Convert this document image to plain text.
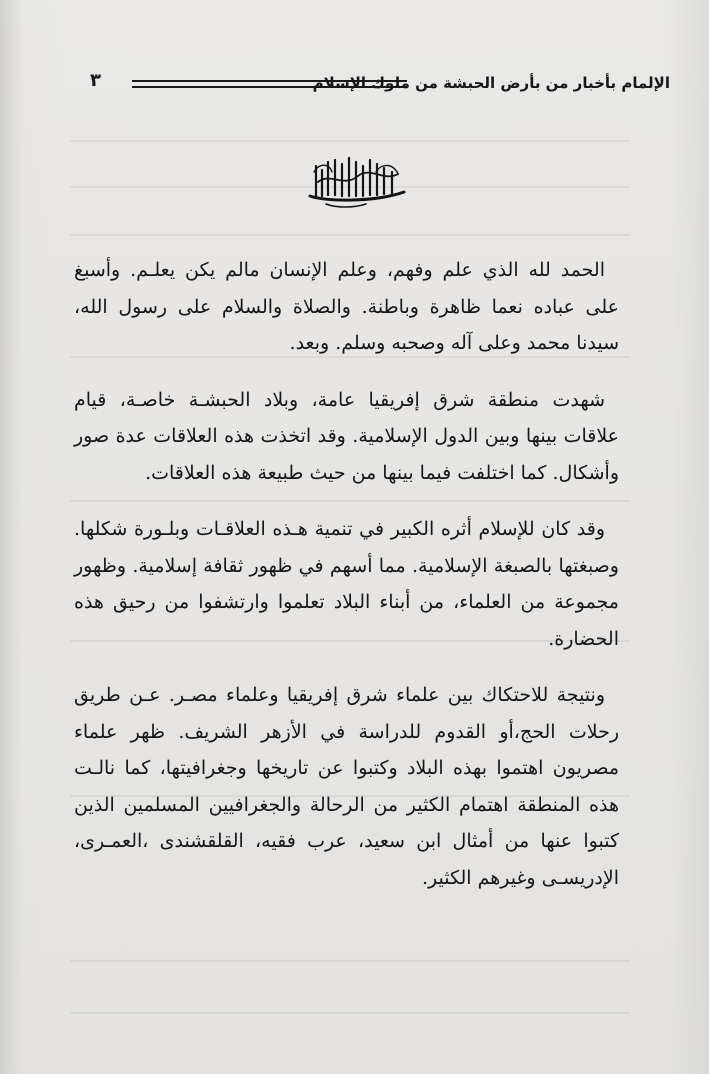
٣	الإلمام بأخبار من بأرض الحبشة من ملوك الإسلام
بسم الله الرحمن الرحيم

الحمد لله الذي علم وفهم، وعلم الإنسان مالم يكن يعلـم. وأسبغ على عباده نعما ظاهرة وباطنة. والصلاة والسلام على رسول الله، سيدنا محمد وعلى آله وصحبه وسلم. وبعد.

شهدت منطقة شرق إفريقيا عامة، وبلاد الحبشـة خاصـة، قيام علاقات بينها وبين الدول الإسلامية. وقد اتخذت هذه العلاقات عدة صور وأشكال. كما اختلفت فيما بينها من حيث طبيعة هذه العلاقات.

وقد كان للإسلام أثره الكبير في تنمية هـذه العلاقـات وبلـورة شكلها. وصبغتها بالصبغة الإسلامية. مما أسهم في ظهور ثقافة إسلامية. وظهور مجموعة من العلماء، من أبناء البلاد تعلموا وارتشفوا من رحيق هذه الحضارة.

ونتيجة للاحتكاك بين علماء شرق إفريقيا وعلماء مصـر. عـن طريق رحلات الحج،أو القدوم للدراسة في الأزهر الشريف. ظهر علماء مصريون اهتموا بهذه البلاد وكتبوا عن تاريخها وجغرافيتها، كما نالـت هذه المنطقة اهتمام الكثير من الرحالة والجغرافيين المسلمين الذين كتبوا عنها من أمثال ابن سعيد، عرب فقيه، القلقشندى ،العمـرى، الإدريسـى وغيرهم الكثير.
